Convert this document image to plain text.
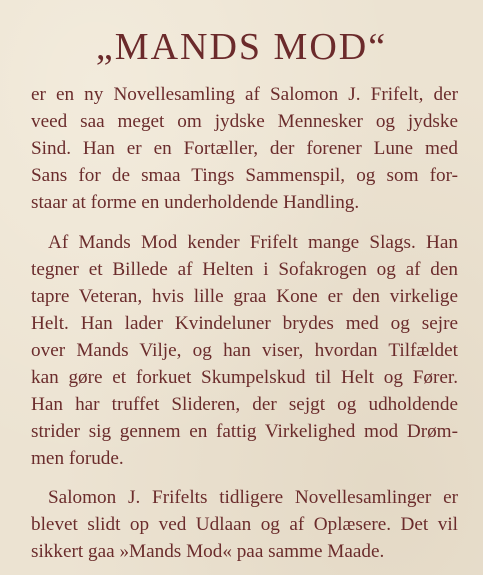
„MANDS MOD“
er en ny Novellesamling af Salomon J. Frifelt, der
veed saa meget om jydske Mennesker og jydske
Sind. Han er en Fortæller, der forener Lune med
Sans for de smaa Tings Sammenspil, og som for-
staar at forme en underholdende Handling.
Af Mands Mod kender Frifelt mange Slags. Han
tegner et Billede af Helten i Sofakrogen og af den
tapre Veteran, hvis lille graa Kone er den virkelige
Helt. Han lader Kvindeluner brydes med og sejre
over Mands Vilje, og han viser, hvordan Tilfældet
kan gøre et forkuet Skumpelskud til Helt og Fører.
Han har truffet Slideren, der sejgt og udholdende
strider sig gennem en fattig Virkelighed mod Drøm-
men forude.
Salomon J. Frifelts tidligere Novellesamlinger er
blevet slidt op ved Udlaan og af Oplæsere. Det vil
sikkert gaa »Mands Mod« paa samme Maade.
